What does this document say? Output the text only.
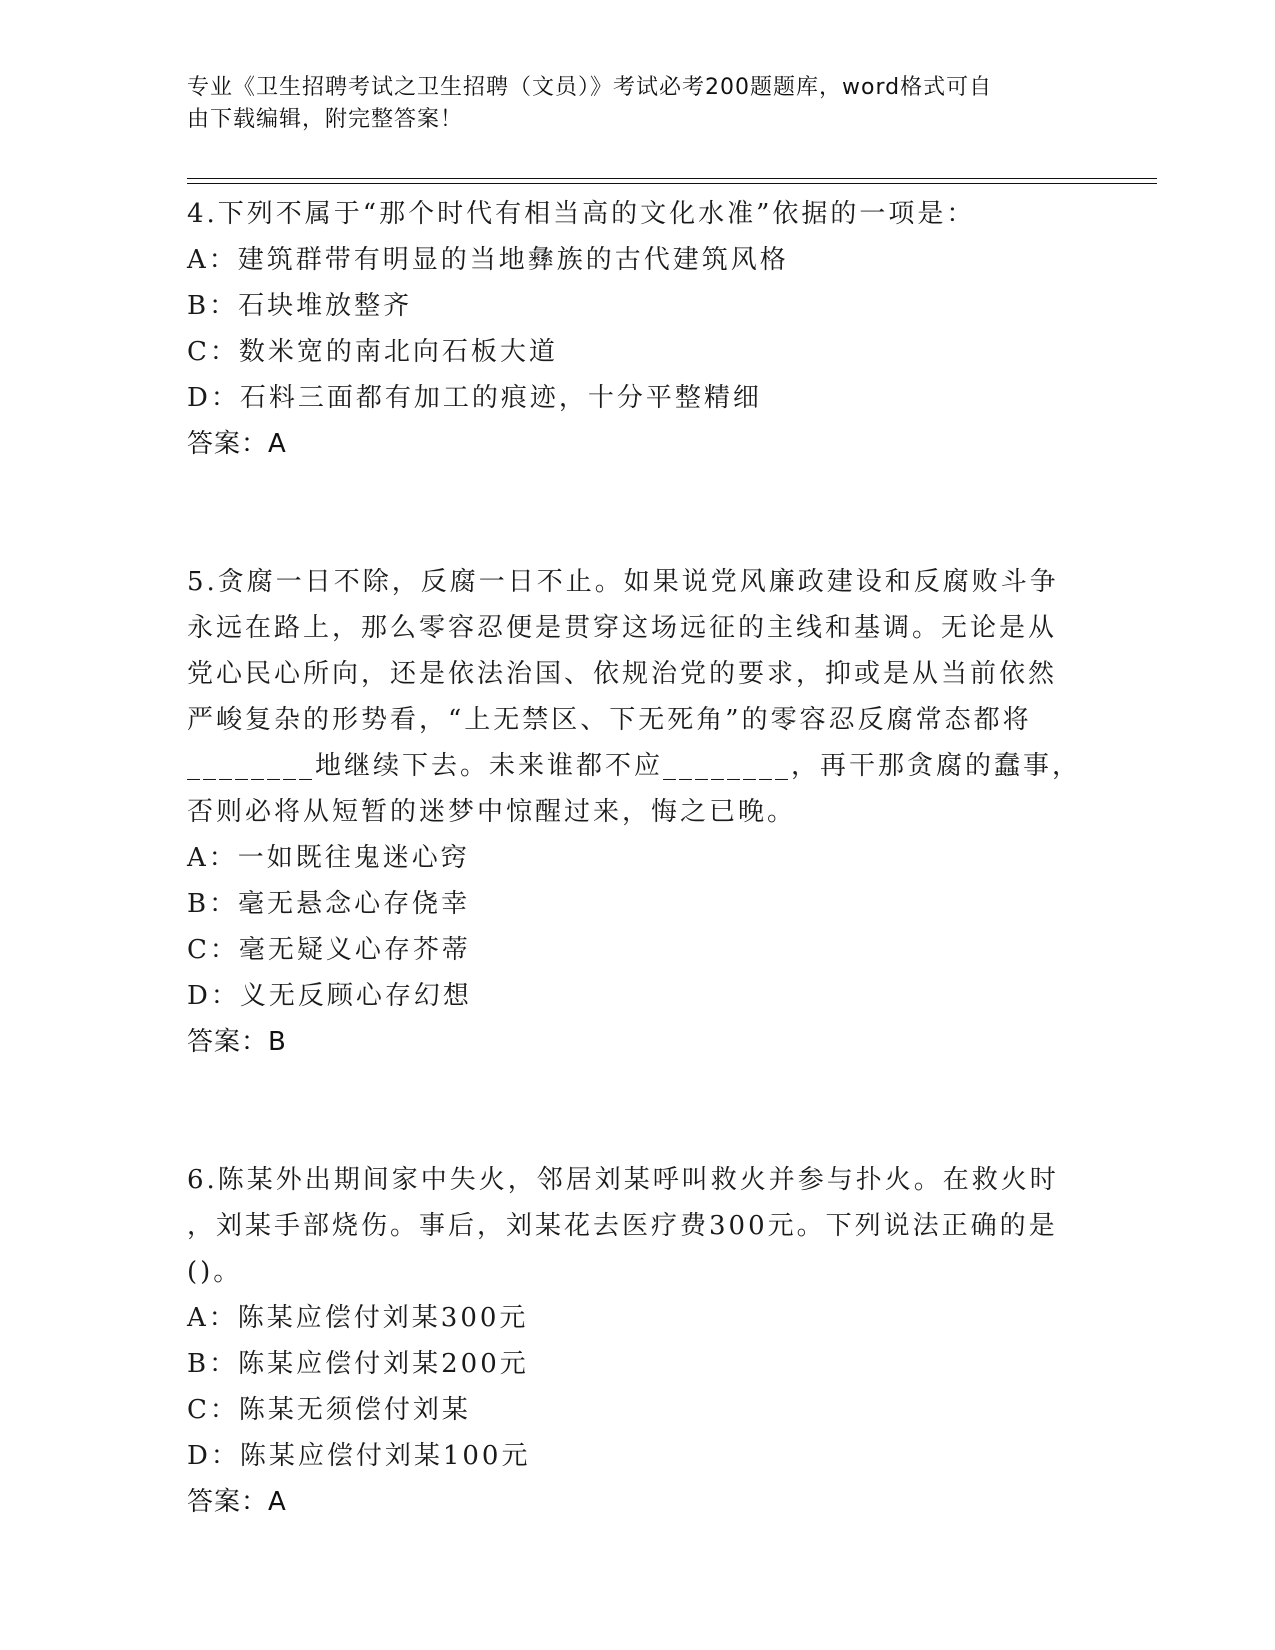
专业《卫生招聘考试之卫生招聘（文员）》考试必考200题题库，word格式可自
由下载编辑，附完整答案！
4.下列不属于“那个时代有相当高的文化水准”依据的一项是：
A：建筑群带有明显的当地彝族的古代建筑风格
B：石块堆放整齐
C：数米宽的南北向石板大道
D：石料三面都有加工的痕迹，十分平整精细
答案：A
5.贪腐一日不除，反腐一日不止。如果说党风廉政建设和反腐败斗争
永远在路上，那么零容忍便是贯穿这场远征的主线和基调。无论是从
党心民心所向，还是依法治国、依规治党的要求，抑或是从当前依然
严峻复杂的形势看，“上无禁区、下无死角”的零容忍反腐常态都将
________地继续下去。未来谁都不应________，再干那贪腐的蠢事，
否则必将从短暂的迷梦中惊醒过来，悔之已晚。
A：一如既往鬼迷心窍
B：毫无悬念心存侥幸
C：毫无疑义心存芥蒂
D：义无反顾心存幻想
答案：B
6.陈某外出期间家中失火，邻居刘某呼叫救火并参与扑火。在救火时
，刘某手部烧伤。事后，刘某花去医疗费300元。下列说法正确的是
()。
A：陈某应偿付刘某300元
B：陈某应偿付刘某200元
C：陈某无须偿付刘某
D：陈某应偿付刘某100元
答案：A
